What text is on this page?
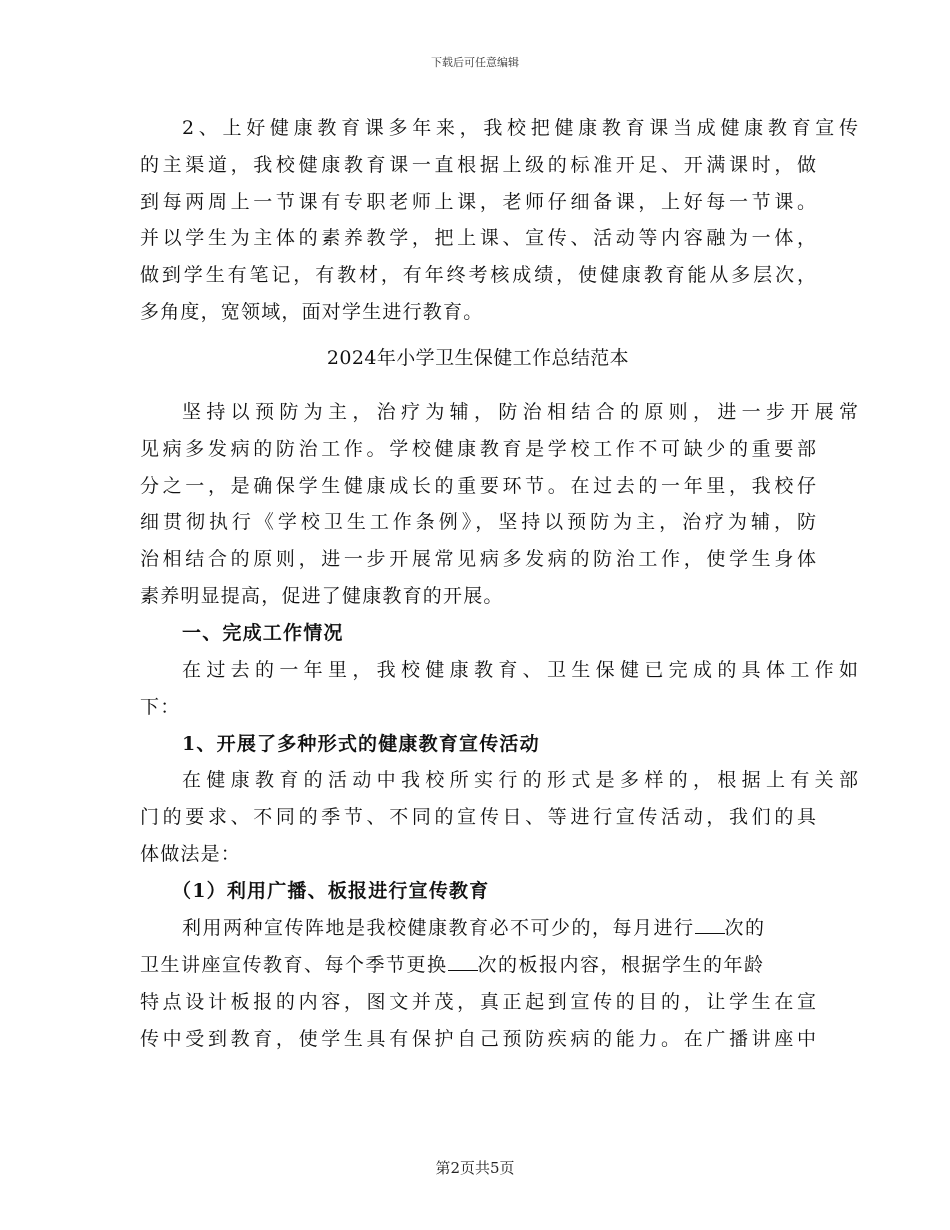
下载后可任意编辑
2、上好健康教育课多年来，我校把健康教育课当成健康教育宣传
的主渠道，我校健康教育课一直根据上级的标准开足、开满课时，做
到每两周上一节课有专职老师上课，老师仔细备课，上好每一节课。
并以学生为主体的素养教学，把上课、宣传、活动等内容融为一体，
做到学生有笔记，有教材，有年终考核成绩，使健康教育能从多层次，
多角度，宽领域，面对学生进行教育。
2024年小学卫生保健工作总结范本
坚持以预防为主，治疗为辅，防治相结合的原则，进一步开展常
见病多发病的防治工作。学校健康教育是学校工作不可缺少的重要部
分之一，是确保学生健康成长的重要环节。在过去的一年里，我校仔
细贯彻执行《学校卫生工作条例》，坚持以预防为主，治疗为辅，防
治相结合的原则，进一步开展常见病多发病的防治工作，使学生身体
素养明显提高，促进了健康教育的开展。
一、完成工作情况
在过去的一年里，我校健康教育、卫生保健已完成的具体工作如
下：
1、开展了多种形式的健康教育宣传活动
在健康教育的活动中我校所实行的形式是多样的，根据上有关部
门的要求、不同的季节、不同的宣传日、等进行宣传活动，我们的具
体做法是：
（1）利用广播、板报进行宣传教育
利用两种宣传阵地是我校健康教育必不可少的，每月进行 次的
卫生讲座宣传教育、每个季节更换 次的板报内容，根据学生的年龄
特点设计板报的内容，图文并茂，真正起到宣传的目的，让学生在宣
传中受到教育，使学生具有保护自己预防疾病的能力。在广播讲座中
第2页共5页
